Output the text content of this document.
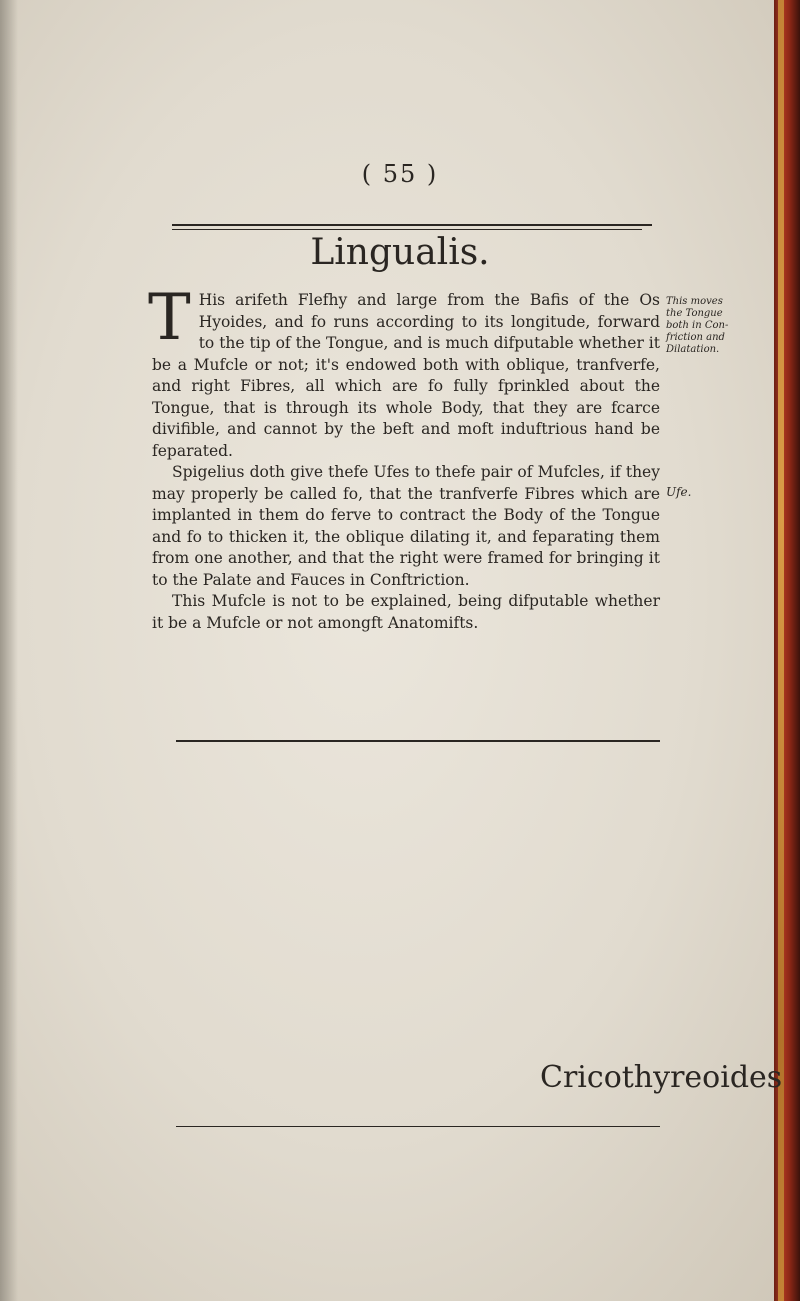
( 55 )
Lingualis.

T His arifeth Flefhy and large from the Bafis of the Os Hyoides, and fo runs according to its longitude, forward to the tip of the Tongue, and is much difputable whether it be a Mufcle or not; it's endowed both with oblique, tranfverfe, and right Fibres, all which are fo fully fprinkled about the Tongue, that is through its whole Body, that they are fcarce divifible, and cannot by the beft and moft induftrious hand be feparated.

Spigelius doth give thefe Ufes to thefe pair of Mufcles, if they may properly be called fo, that the tranfverfe Fibres which are implanted in them do ferve to contract the Body of the Tongue and fo to thicken it, the oblique dilating it, and feparating them from one another, and that the right were framed for bringing it to the Palate and Fauces in Conftriction.

This Mufcle is not to be explained, being difputable whether it be a Mufcle or not amongft Anatomifts.

This moves the Tongue both in Confriction and Dilatation.
Ufe.
Cricothyreoides
